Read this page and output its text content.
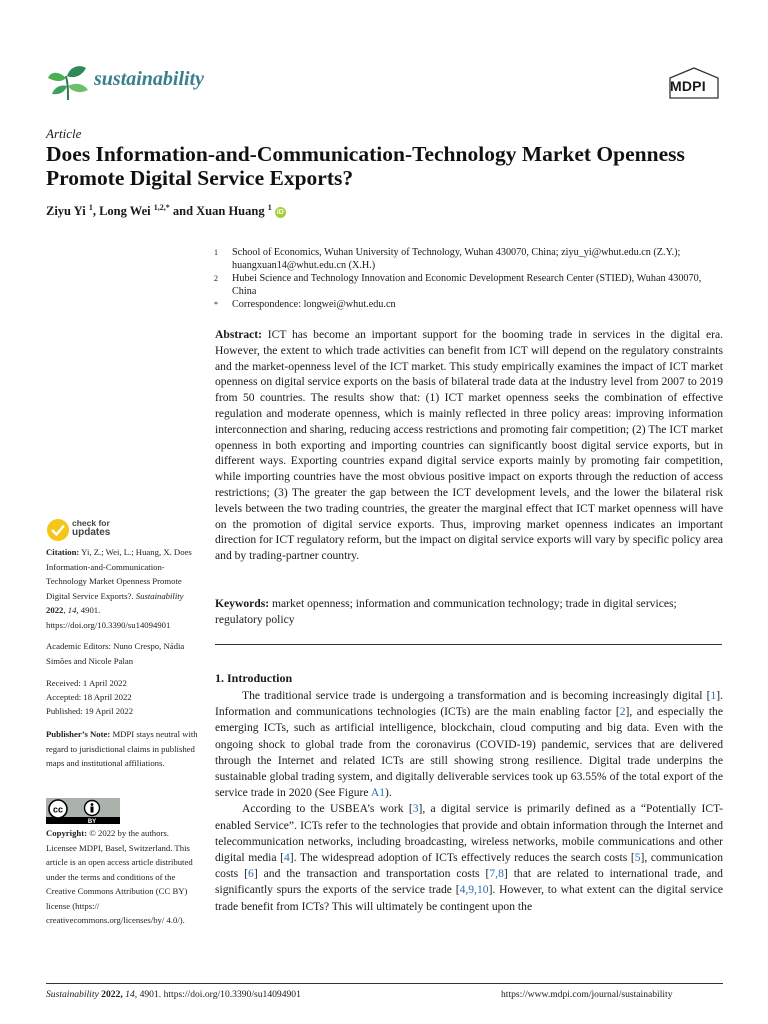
sustainability	MDPI
Article
Does Information-and-Communication-Technology Market Openness Promote Digital Service Exports?
Ziyu Yi $^1$, Long Wei $^{1,2,*}$ and Xuan Huang $^1$ iD
1 School of Economics, Wuhan University of Technology, Wuhan 430070, China; ziyu_yi@whut.edu.cn (Z.Y.); huangxuan14@whut.edu.cn (X.H.)
2 Hubei Science and Technology Innovation and Economic Development Research Center (STIED), Wuhan 430070, China
* Correspondence: longwei@whut.edu.cn
Abstract: ICT has become an important support for the booming trade in services in the digital era. However, the extent to which trade activities can benefit from ICT will depend on the regulatory constraints and the market-openness level of the ICT market. This study empirically examines the impact of ICT market openness on digital service exports on the basis of bilateral trade data at the industry level from 2007 to 2019 from 50 countries. The results show that: (1) ICT market openness seeks the combination of effective regulation and moderate openness, which is mainly reflected in three policy areas: improving information interconnection and sharing, reducing access restrictions and promoting fair competition; (2) The ICT market openness in both exporting and importing countries can significantly boost digital service exports, but in different ways. Exporting countries expand digital service exports mainly by promoting fair competition, while importing countries have the most obvious positive impact on exports through the reduction of access restrictions; (3) The greater the gap between the ICT development levels, and the lower the bilateral risk levels between the two trading countries, the greater the marginal effect that ICT market openness will have on the promotion of digital service exports. Thus, improving market openness indicates an important direction for ICT regulatory reform, but the impact on digital service exports will vary by specific policy area and by trading-partner country.
Keywords: market openness; information and communication technology; trade in digital services; regulatory policy
check for
updates
Citation: Yi, Z.; Wei, L.; Huang, X. Does Information-and-Communication-Technology Market Openness Promote Digital Service Exports?. Sustainability 2022, 14, 4901. https://doi.org/10.3390/su14094901
Academic Editors: Nuno Crespo, Nádia Simões and Nicole Palan
Received: 1 April 2022
Accepted: 18 April 2022
Published: 19 April 2022
Publisher’s Note: MDPI stays neutral with regard to jurisdictional claims in published maps and institutional affiliations.
cc
BY
Copyright: © 2022 by the authors. Licensee MDPI, Basel, Switzerland. This article is an open access article distributed under the terms and conditions of the Creative Commons Attribution (CC BY) license (https:// creativecommons.org/licenses/by/ 4.0/).
1. Introduction

The traditional service trade is undergoing a transformation and is becoming increasingly digital [1]. Information and communications technologies (ICTs) are the main enabling factor [2], and especially the emerging ICTs, such as artificial intelligence, blockchain, cloud computing and big data. Even with the ongoing shock to global trade from the coronavirus (COVID-19) pandemic, services that are delivered through the Internet and related ICTs are still showing strong resilience. Digital trade underpins the sustainable global trading system, and digitally deliverable services took up 63.55% of the total export of the service trade in 2020 (See Figure A1).

According to the USBEA’s work [3], a digital service is primarily defined as a “Potentially ICT-enabled Service”. ICTs refer to the technologies that provide and obtain information through the Internet and telecommunication networks, including broadcasting, wireless networks, mobile communications and other digital media [4]. The widespread adoption of ICTs effectively reduces the search costs [5], communication costs [6] and the transaction and transportation costs [7,8] that are related to international trade, and significantly spurs the exports of the service trade [4,9,10]. However, to what extent can the digital service trade benefit from ICTs? This will ultimately be contingent upon the

Sustainability 2022, 14, 4901. https://doi.org/10.3390/su14094901	https://www.mdpi.com/journal/sustainability
